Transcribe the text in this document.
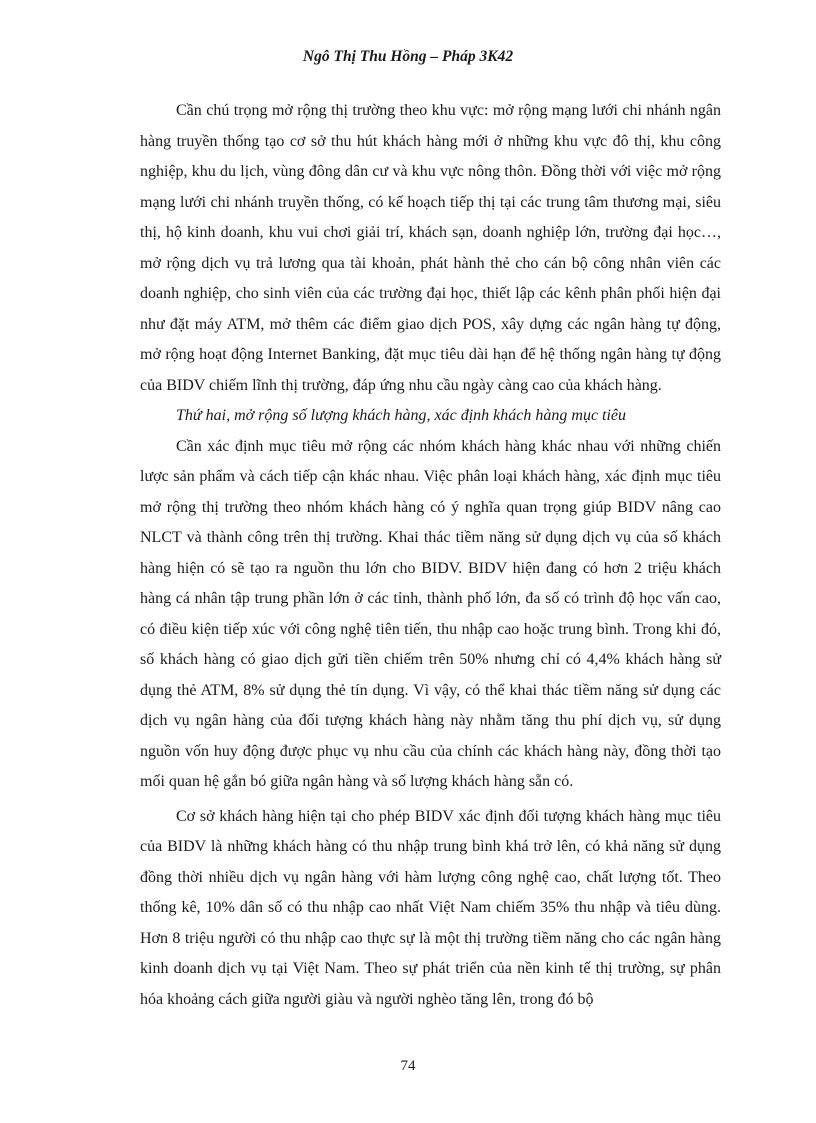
Ngô Thị Thu Hồng – Pháp 3K42

Cần chú trọng mở rộng thị trường theo khu vực: mở rộng mạng lưới chi nhánh ngân hàng truyền thống tạo cơ sở thu hút khách hàng mới ở những khu vực đô thị, khu công nghiệp, khu du lịch, vùng đông dân cư và khu vực nông thôn. Đồng thời với việc mở rộng mạng lưới chi nhánh truyền thống, có kế hoạch tiếp thị tại các trung tâm thương mại, siêu thị, hộ kinh doanh, khu vui chơi giải trí, khách sạn, doanh nghiệp lớn, trường đại học…, mở rộng dịch vụ trả lương qua tài khoản, phát hành thẻ cho cán bộ công nhân viên các doanh nghiệp, cho sinh viên của các trường đại học, thiết lập các kênh phân phối hiện đại như đặt máy ATM, mở thêm các điểm giao dịch POS, xây dựng các ngân hàng tự động, mở rộng hoạt động Internet Banking, đặt mục tiêu dài hạn để hệ thống ngân hàng tự động của BIDV chiếm lĩnh thị trường, đáp ứng nhu cầu ngày càng cao của khách hàng.

Thứ hai, mở rộng số lượng khách hàng, xác định khách hàng mục tiêu

Cần xác định mục tiêu mở rộng các nhóm khách hàng khác nhau với những chiến lược sản phẩm và cách tiếp cận khác nhau. Việc phân loại khách hàng, xác định mục tiêu mở rộng thị trường theo nhóm khách hàng có ý nghĩa quan trọng giúp BIDV nâng cao NLCT và thành công trên thị trường. Khai thác tiềm năng sử dụng dịch vụ của số khách hàng hiện có sẽ tạo ra nguồn thu lớn cho BIDV. BIDV hiện đang có hơn 2 triệu khách hàng cá nhân tập trung phần lớn ở các tỉnh, thành phố lớn, đa số có trình độ học vấn cao, có điều kiện tiếp xúc với công nghệ tiên tiến, thu nhập cao hoặc trung bình. Trong khi đó, số khách hàng có giao dịch gửi tiền chiếm trên 50% nhưng chỉ có 4,4% khách hàng sử dụng thẻ ATM, 8% sử dụng thẻ tín dụng. Vì vậy, có thể khai thác tiềm năng sử dụng các dịch vụ ngân hàng của đối tượng khách hàng này nhằm tăng thu phí dịch vụ, sử dụng nguồn vốn huy động được phục vụ nhu cầu của chính các khách hàng này, đồng thời tạo mối quan hệ gắn bó giữa ngân hàng và số lượng khách hàng sẵn có.

Cơ sở khách hàng hiện tại cho phép BIDV xác định đối tượng khách hàng mục tiêu của BIDV là những khách hàng có thu nhập trung bình khá trở lên, có khả năng sử dụng đồng thời nhiều dịch vụ ngân hàng với hàm lượng công nghệ cao, chất lượng tốt. Theo thống kê, 10% dân số có thu nhập cao nhất Việt Nam chiếm 35% thu nhập và tiêu dùng. Hơn 8 triệu người có thu nhập cao thực sự là một thị trường tiềm năng cho các ngân hàng kinh doanh dịch vụ tại Việt Nam. Theo sự phát triển của nền kinh tế thị trường, sự phân hóa khoảng cách giữa người giàu và người nghèo tăng lên, trong đó bộ

74
